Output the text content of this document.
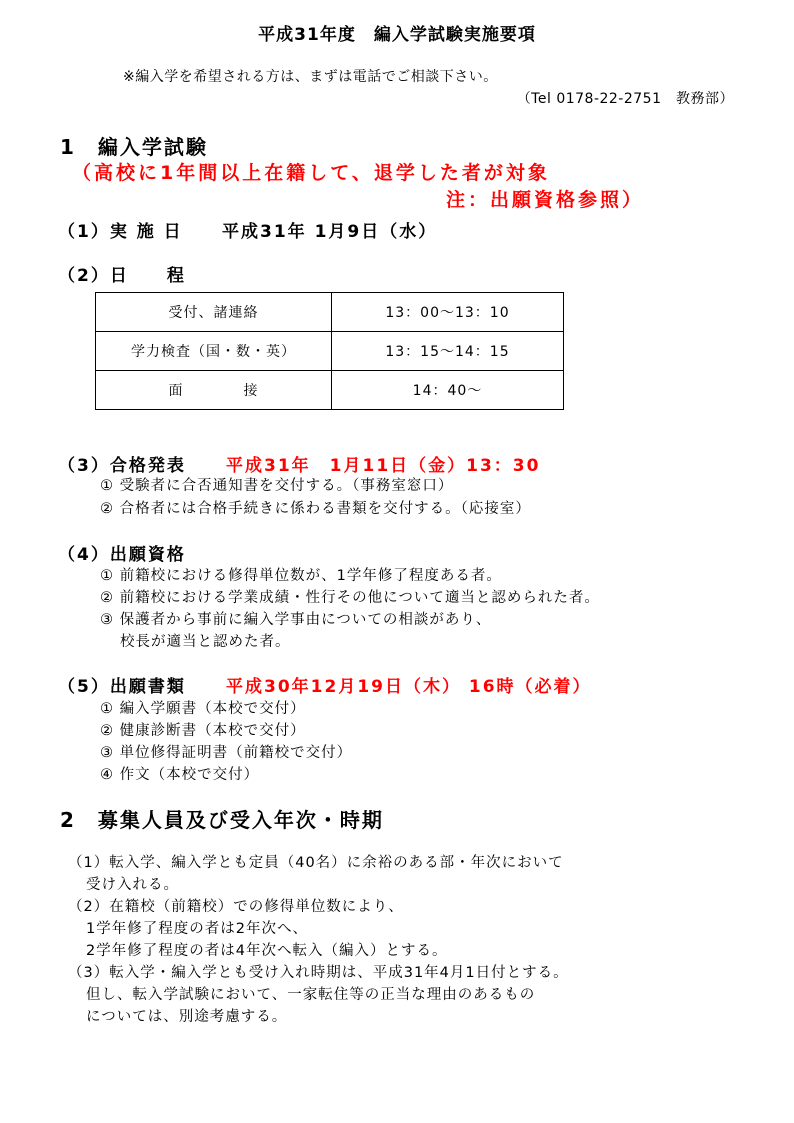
平成31年度　編入学試験実施要項
※編入学を希望される方は、まずは電話でご相談下さい。
（Tel 0178-22-2751　教務部）
1　編入学試験
（高校に1年間以上在籍して、退学した者が対象
注：出願資格参照）
（1）実 施 日 平成31年 1月9日（水）
（2）日　　程
受付、諸連絡	13：00～13：10
学力検査（国・数・英）	13：15～14：15
面　　　　接	14：40～
（3）合格発表 平成31年　1月11日（金）13：30
① 受験者に合否通知書を交付する。（事務室窓口）
② 合格者には合格手続きに係わる書類を交付する。（応接室）
（4）出願資格
① 前籍校における修得単位数が、1学年修了程度ある者。
② 前籍校における学業成績・性行その他について適当と認められた者。
③ 保護者から事前に編入学事由についての相談があり、
校長が適当と認めた者。
（5）出願書類 平成30年12月19日（木） 16時（必着）
① 編入学願書（本校で交付）
② 健康診断書（本校で交付）
③ 単位修得証明書（前籍校で交付）
④ 作文（本校で交付）
2　募集人員及び受入年次・時期
（1）転入学、編入学とも定員（40名）に余裕のある部・年次において
受け入れる。
（2）在籍校（前籍校）での修得単位数により、
1学年修了程度の者は2年次へ、
2学年修了程度の者は4年次へ転入（編入）とする。
（3）転入学・編入学とも受け入れ時期は、平成31年4月1日付とする。
但し、転入学試験において、一家転住等の正当な理由のあるもの
については、別途考慮する。
